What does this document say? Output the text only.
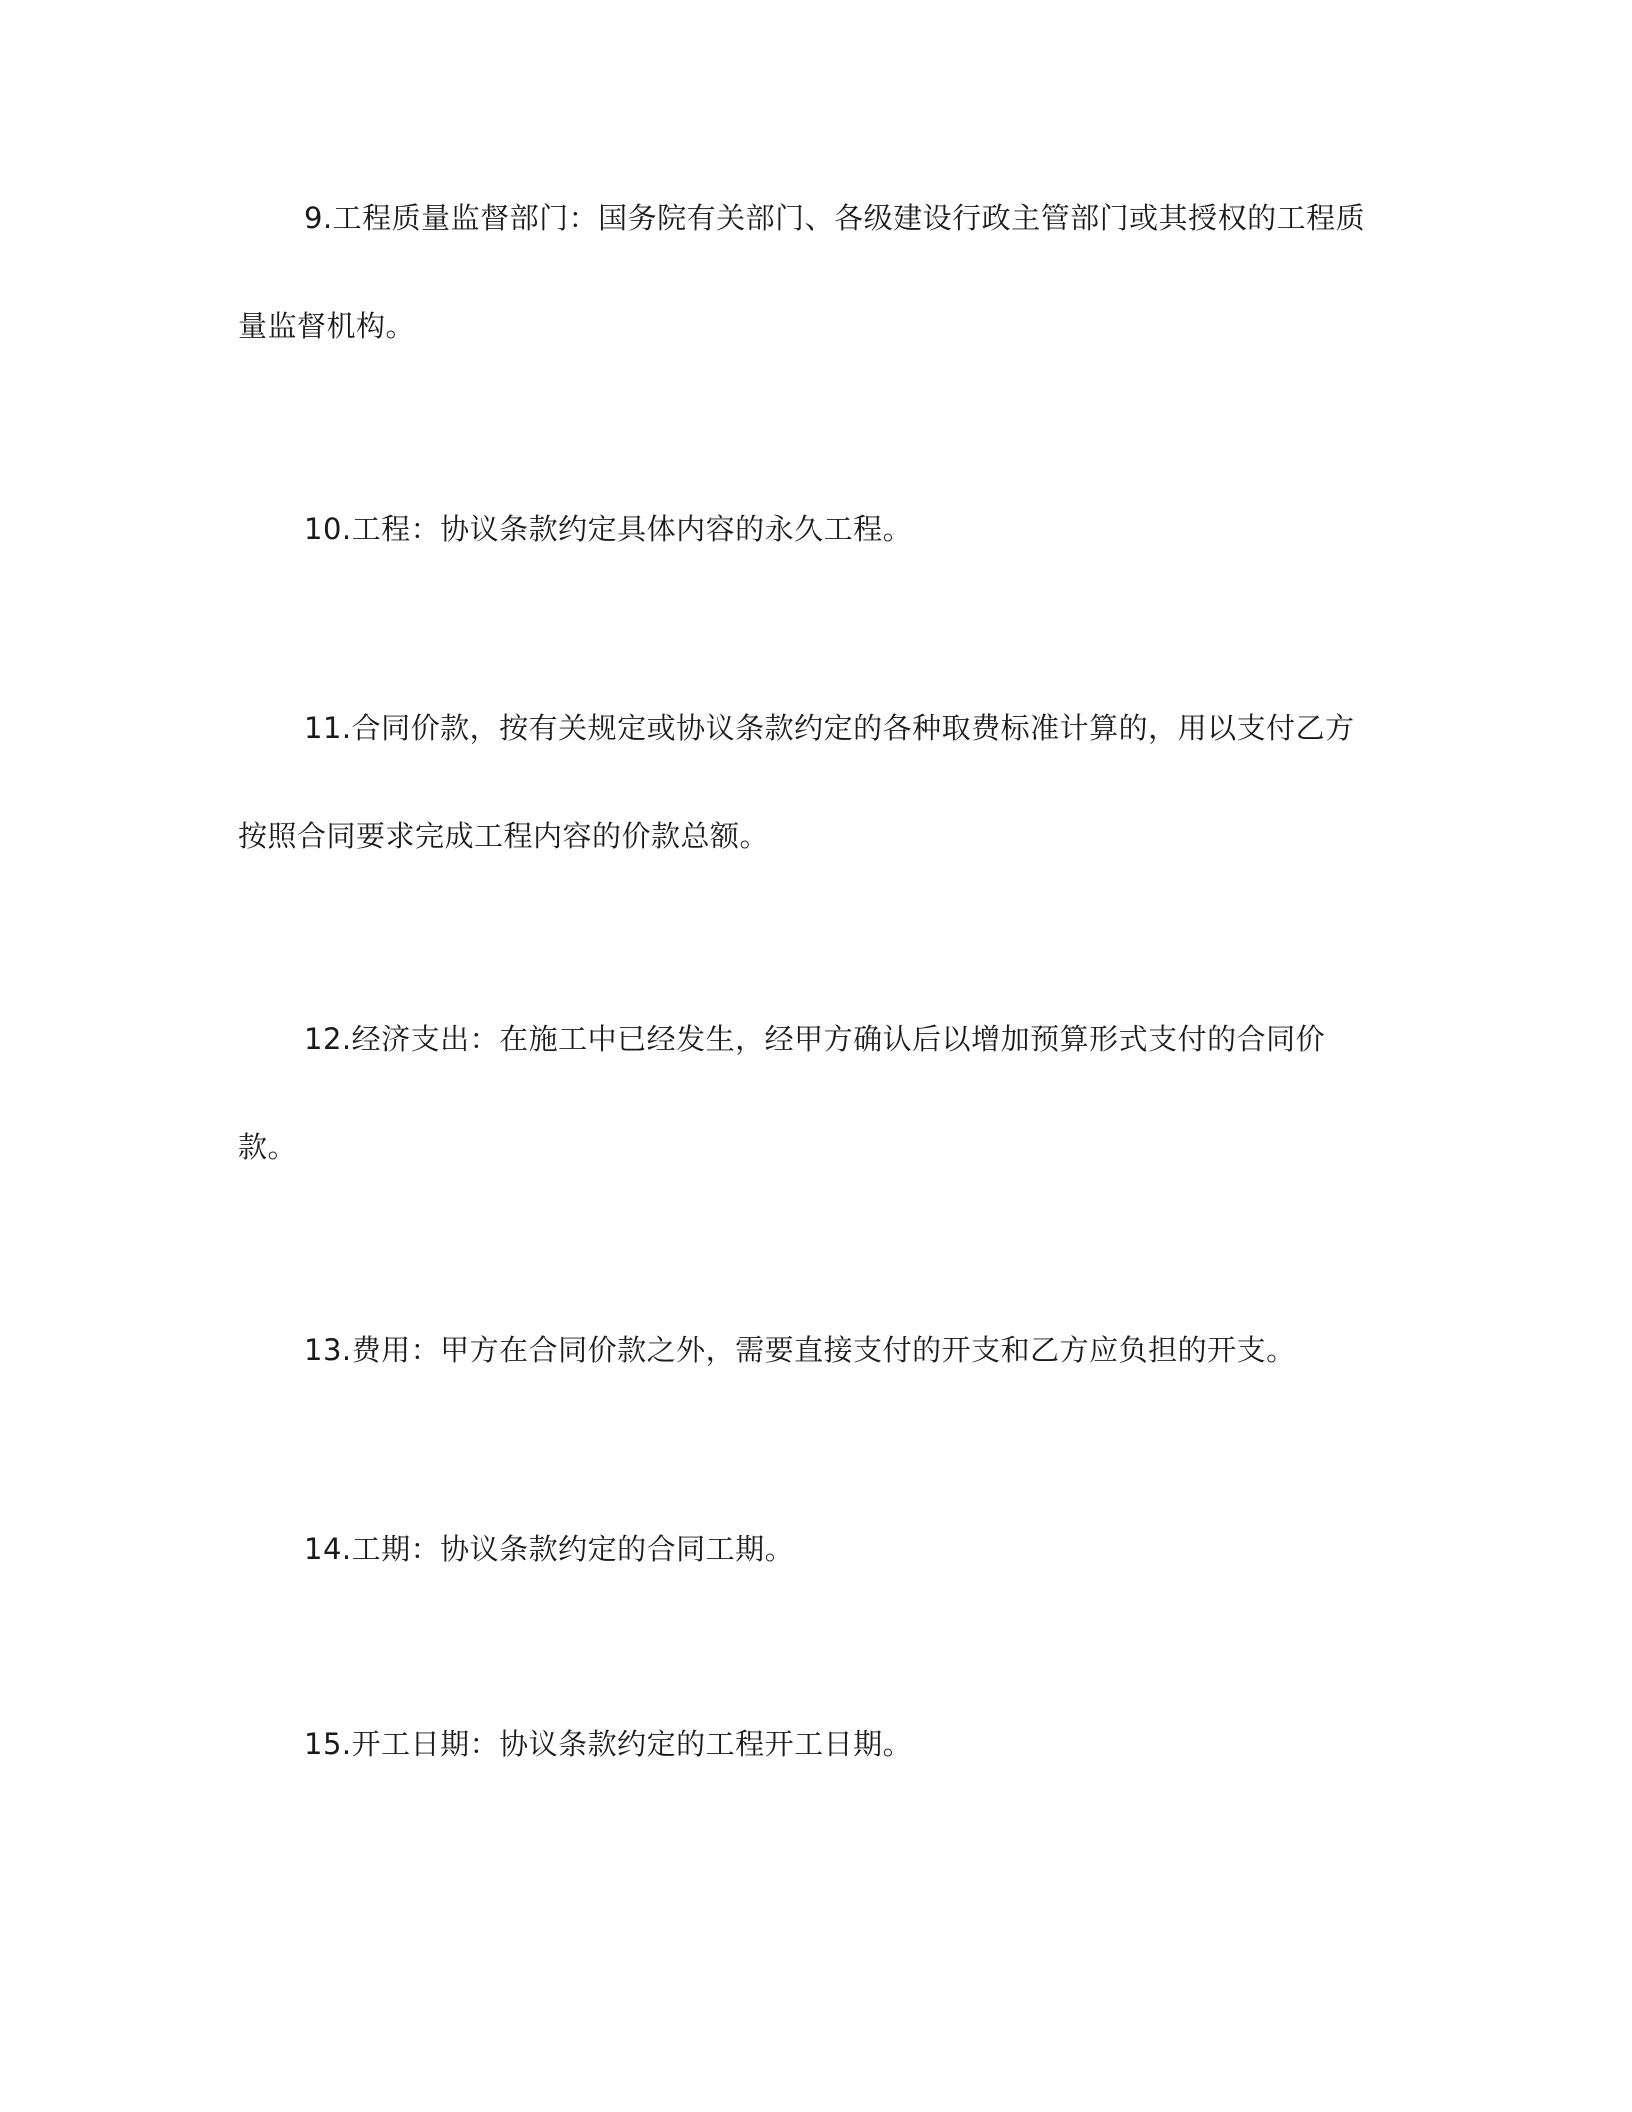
9.工程质量监督部门：国务院有关部门、各级建设行政主管部门或其授权的工程质量监督机构。

10.工程：协议条款约定具体内容的永久工程。

11.合同价款，按有关规定或协议条款约定的各种取费标准计算的，用以支付乙方按照合同要求完成工程内容的价款总额。

12.经济支出：在施工中已经发生，经甲方确认后以增加预算形式支付的合同价款。

13.费用：甲方在合同价款之外，需要直接支付的开支和乙方应负担的开支。

14.工期：协议条款约定的合同工期。

15.开工日期：协议条款约定的工程开工日期。
